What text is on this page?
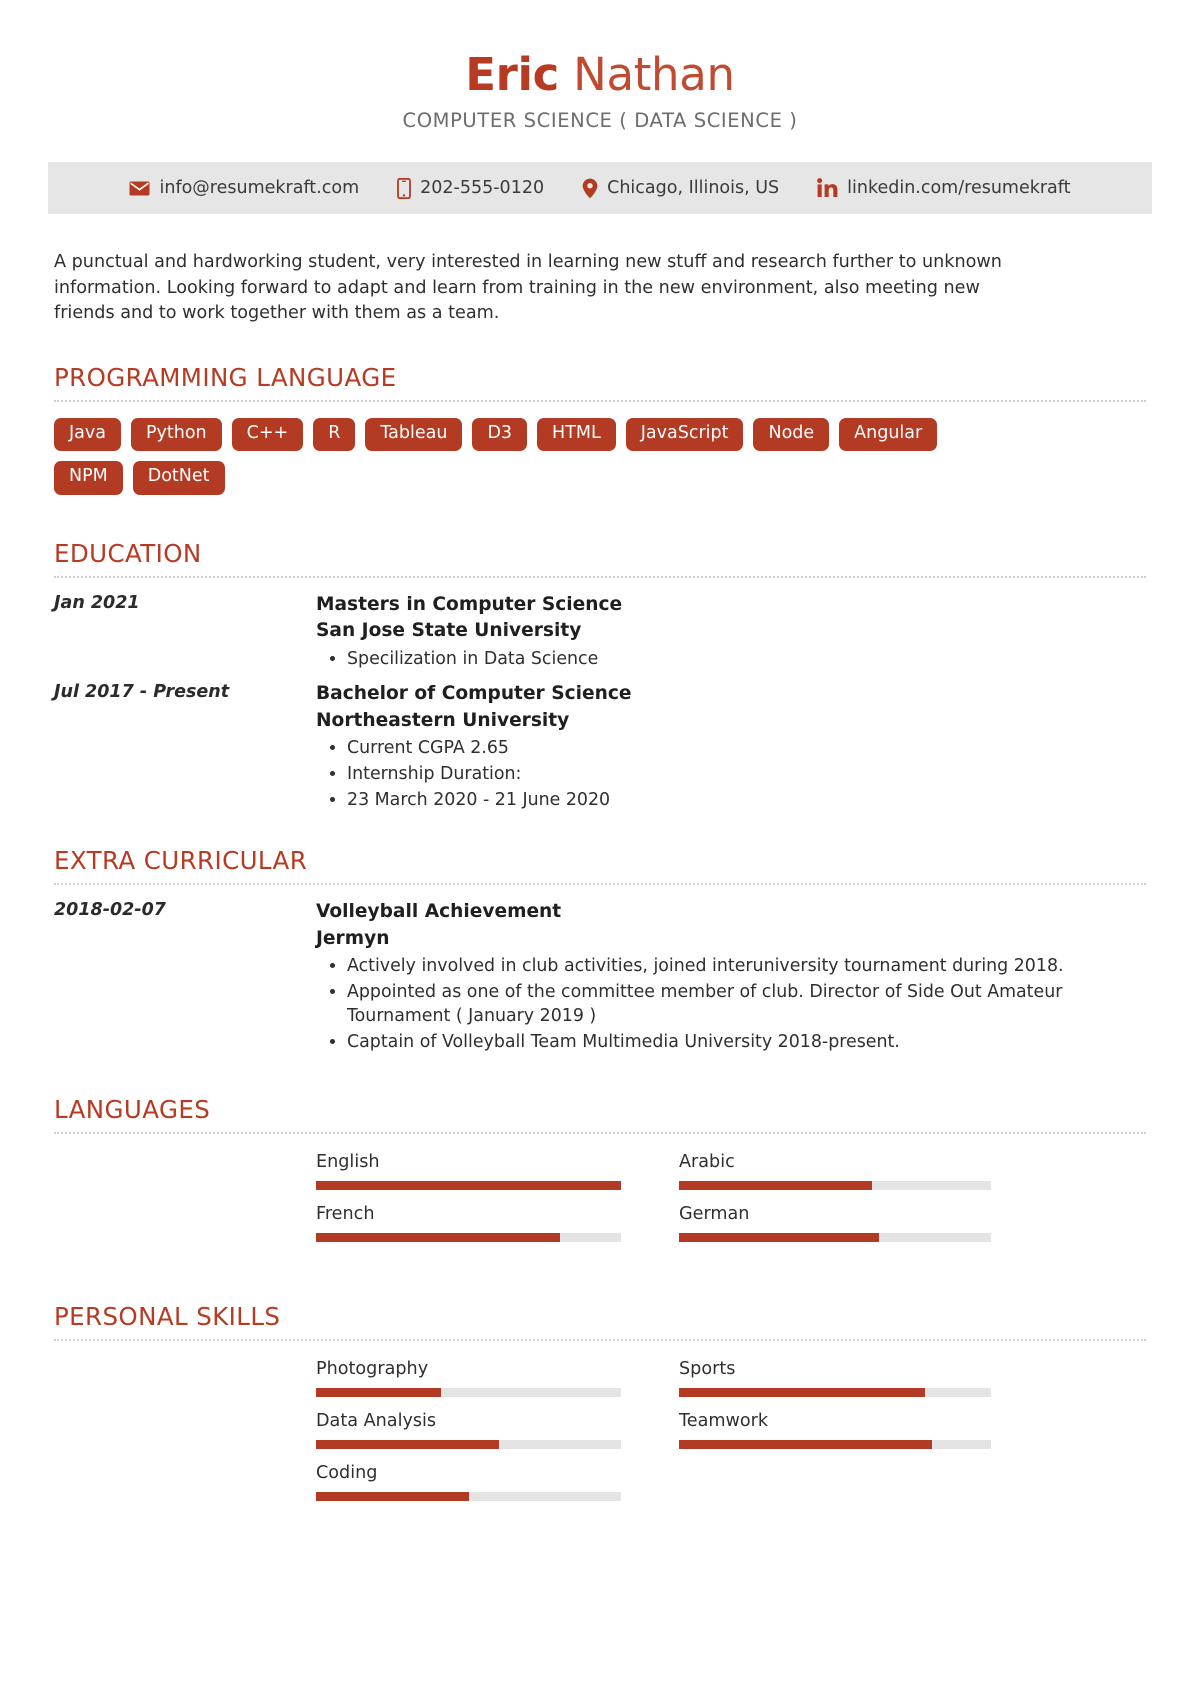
Eric Nathan
COMPUTER SCIENCE ( DATA SCIENCE )
info@resumekraft.com	202-555-0120	Chicago, Illinois, US	linkedin.com/resumekraft
A punctual and hardworking student, very interested in learning new stuff and research further to unknown information. Looking forward to adapt and learn from training in the new environment, also meeting new friends and to work together with them as a team.
PROGRAMMING LANGUAGE
Java	Python	C++	R	Tableau	D3	HTML	JavaScript	Node	Angular
NPM	DotNet
EDUCATION
Jan 2021	Masters in Computer Science
San Jose State University
• Specilization in Data Science
Jul 2017 - Present	Bachelor of Computer Science
Northeastern University
• Current CGPA 2.65
• Internship Duration:
• 23 March 2020 - 21 June 2020
EXTRA CURRICULAR
2018-02-07	Volleyball Achievement
Jermyn
• Actively involved in club activities, joined interuniversity tournament during 2018.
• Appointed as one of the committee member of club. Director of Side Out Amateur Tournament ( January 2019 )
• Captain of Volleyball Team Multimedia University 2018-present.
LANGUAGES
English	Arabic
French	German
PERSONAL SKILLS
Photography	Sports
Data Analysis	Teamwork
Coding
